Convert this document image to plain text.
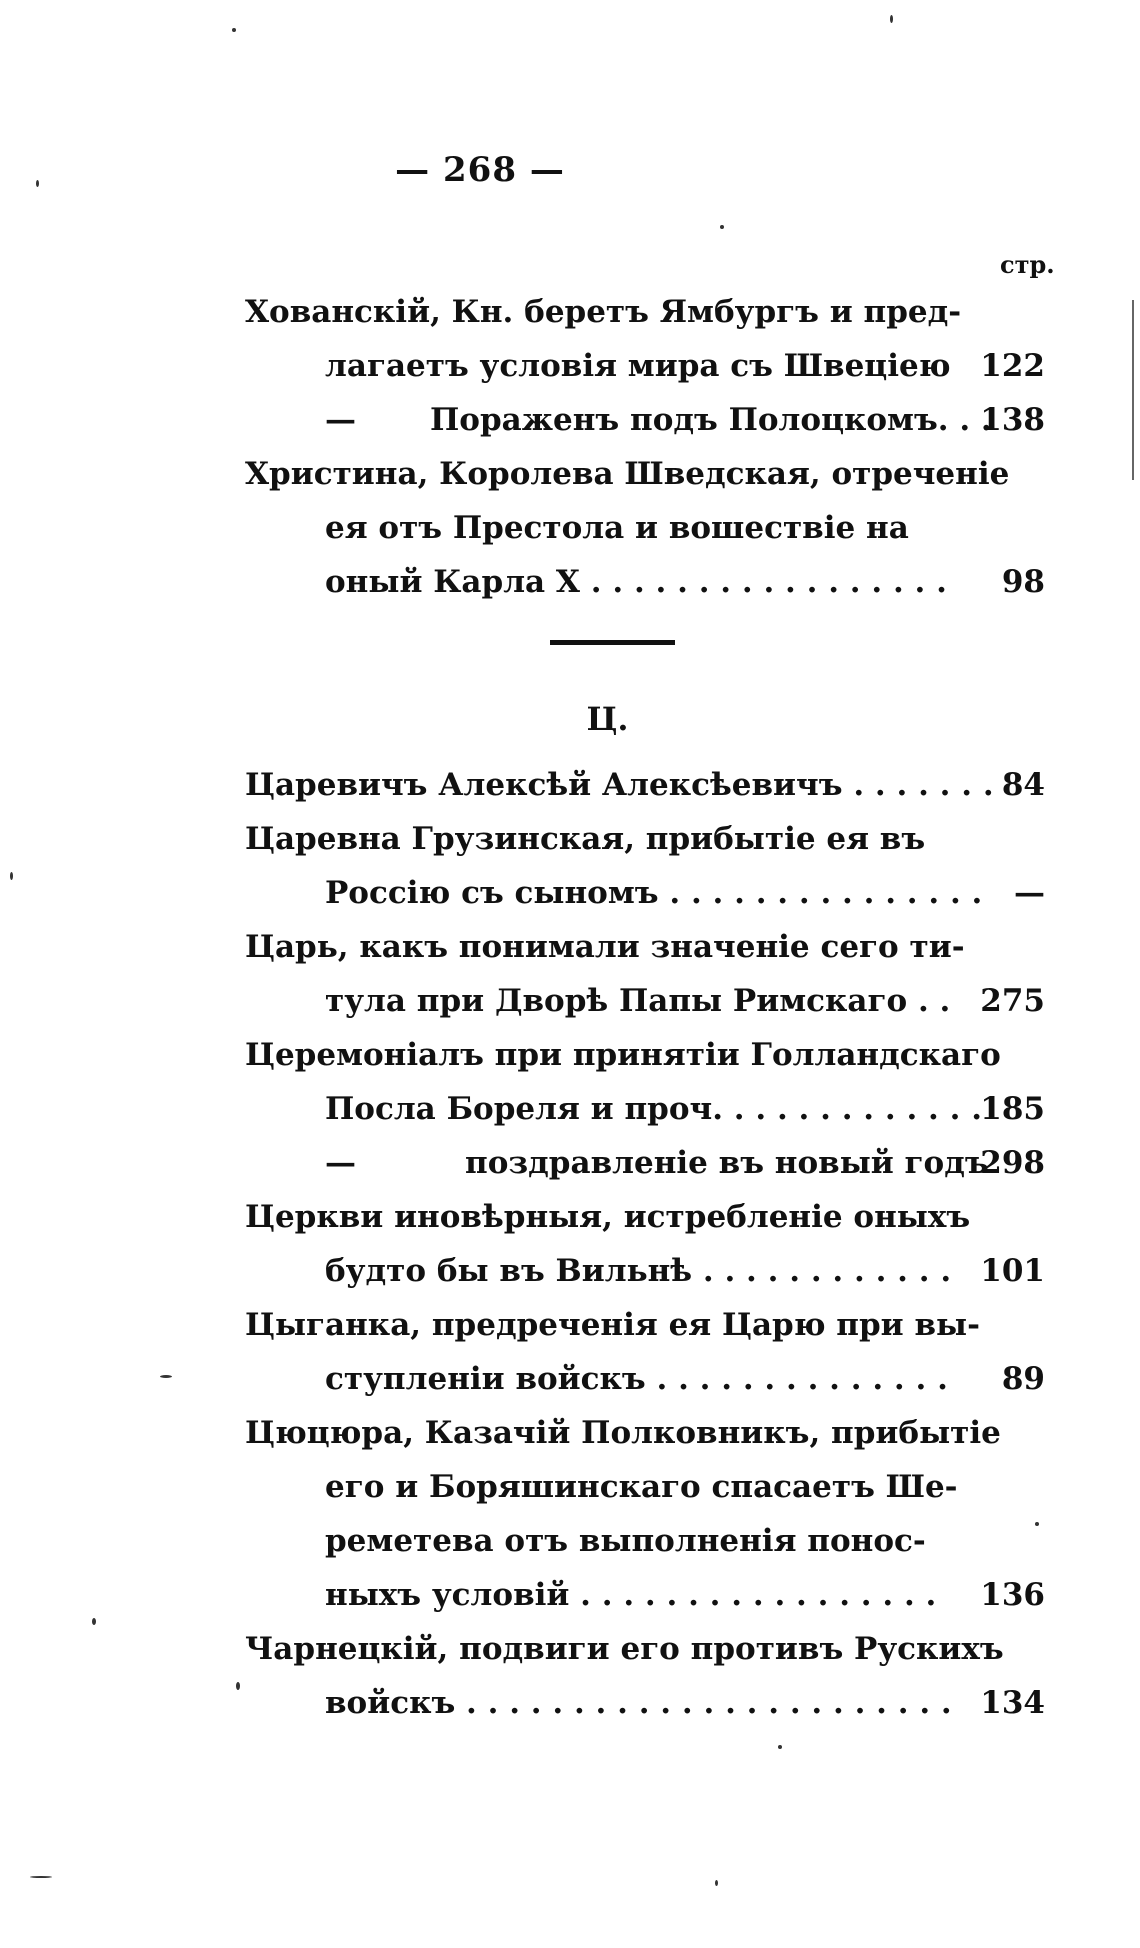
— 268 —
стр.
Хованскій, Кн. беретъ Ямбургъ и пред-
лагаетъ условія мира съ Швеціею 122
— Пораженъ подъ Полоцкомъ. . .
138
Христина, Королева Шведская, отреченіе
ея отъ Престола и вошествіе на
оный Карла X . . . . . . . . . . . . . . . . . 98
Ц.
Царевичъ Алексѣй Алексѣевичъ . . . . . . . 84
Царевна Грузинская, прибытіе ея въ
Россію съ сыномъ . . . . . . . . . . . . . . . —
Царь, какъ понимали значеніе сего ти-
тула при Дворѣ Папы Римскаго . . 275
Церемоніалъ при принятіи Голландскаго
Посла Бореля и проч. . . . . . . . . . . . .
185
—	поздравленіе въ новый годъ
298
Церкви иновѣрныя, истребленіе оныхъ
будто бы въ Вильнѣ . . . . . . . . . . . . 101
Цыганка, предреченія ея Царю при вы-
ступленіи войскъ . . . . . . . . . . . . . . 89
Цюцюра, Казачій Полковникъ, прибытіе
его и Боряшинскаго спасаетъ Ше-
реметева отъ выполненія понос-
ныхъ условій . . . . . . . . . . . . . . . . . 136
Чарнецкій, подвиги его противъ Рускихъ
войскъ . . . . . . . . . . . . . . . . . . . . . . . 134
